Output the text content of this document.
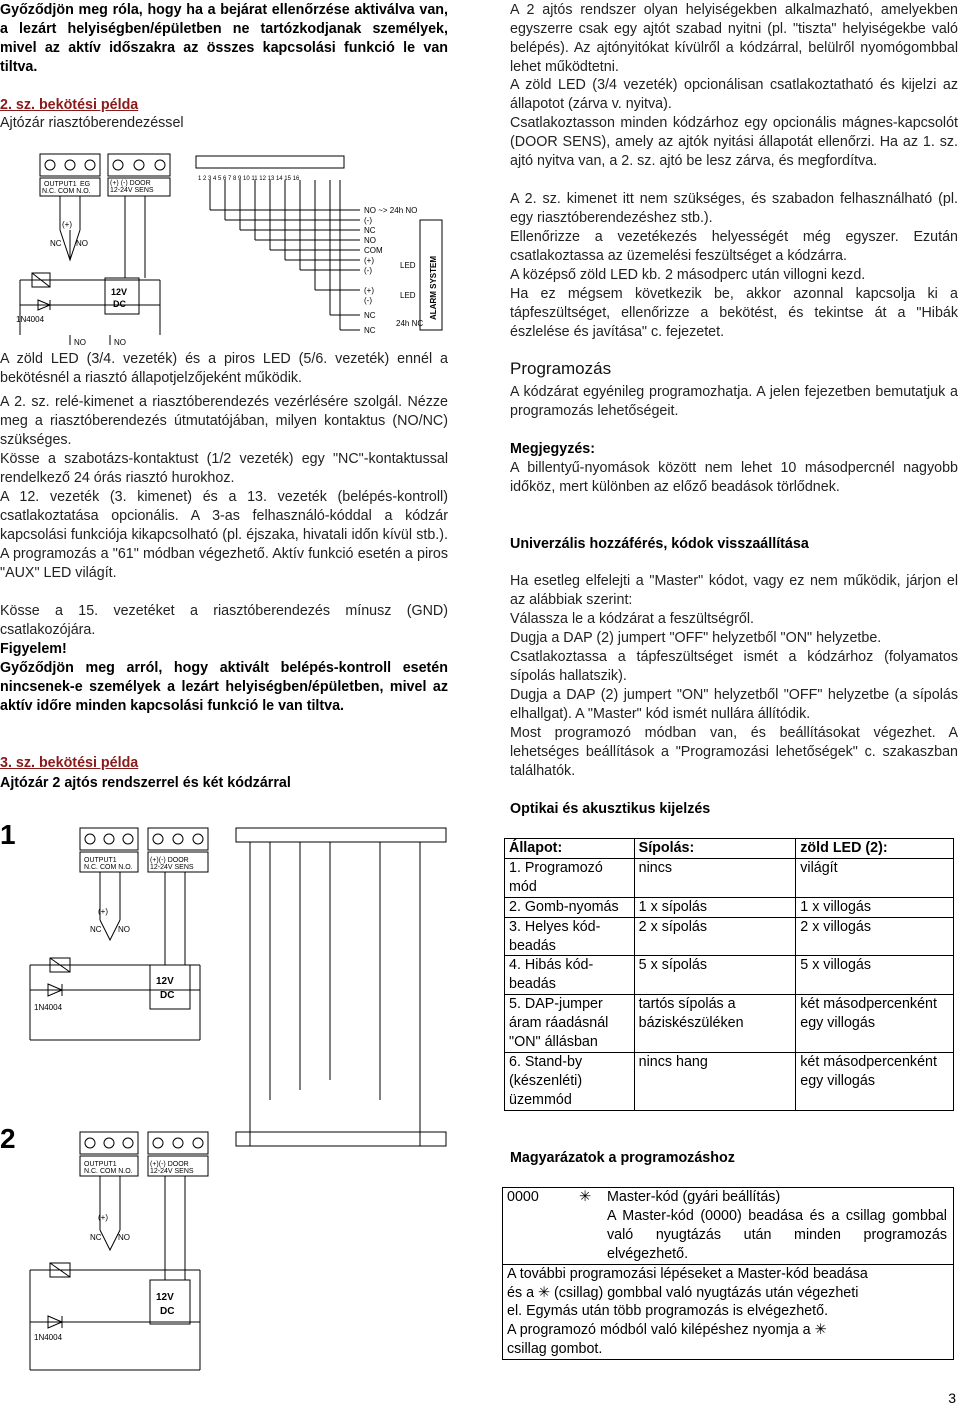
Győződjön meg róla, hogy ha a bejárat ellenőrzése aktiválva van, a lezárt helyiségben/épületben ne tartózkodjanak személyek, mivel az aktív időszakra az összes kapcsolási funkció le van tiltva.

2. sz. bekötési példa

Ajtózár riasztóberendezéssel

OUTPUT1 EG
N.C. COM N.O.
(+) (-) DOOR
12-24V SENS
1 2 3 4 5 6 7 8 9 10 11 12 13 14 15 16
NO ~> 24h NO
(-)
NC
NO
COM
(+)
(-)
LED
(+)
(-)
LED
NC
NC
24h NC
ALARM SYSTEM
(+)
NC NO
12V
DC
1N4004
NO	NO

A zöld LED (3/4. vezeték) és a piros LED (5/6. vezeték) ennél a bekötésnél a riasztó állapotjelzőjeként működik.

A 2. sz. relé-kimenet a riasztóberendezés vezérlésére szolgál. Nézze meg a riasztóberendezés útmutatójában, milyen kontaktus (NO/NC) szükséges.

Kösse a szabotázs-kontaktust (1/2 vezeték) egy "NC"-kontaktussal rendelkező 24 órás riasztó hurokhoz.

A 12. vezeték (3. kimenet) és a 13. vezeték (belépés-kontroll) csatlakoztatása opcionális. A 3-as felhasználó-kóddal a kódzár kapcsolási funkciója kikapcsolható (pl. éjszaka, hivatali időn kívül stb.). A programozás a "61" módban végezhető. Aktív funkció esetén a piros "AUX" LED világít.

Kösse a 15. vezetéket a riasztóberendezés mínusz (GND) csatlakozójára.

Figyelem!

Győződjön meg arról, hogy aktivált belépés-kontroll esetén nincsenek-e személyek a lezárt helyiségben/épületben, mivel az aktív időre minden kapcsolási funkció le van tiltva.

3. sz. bekötési példa

Ajtózár 2 ajtós rendszerrel és két kódzárral

1
2
OUTPUT1
N.C. COM N.O.
(+)(-) DOOR
12-24V SENS
OUTPUT1
N.C. COM N.O.
(+)(-) DOOR
12-24V SENS
(+)
NC NO
12V
DC
1N4004
12V
DC
1N4004
(+)
NC NO

A 2 ajtós rendszer olyan helyiségekben alkalmazható, amelyekben egyszerre csak egy ajtót szabad nyitni (pl. "tiszta" helyiségekbe való belépés). Az ajtónyitókat kívülről a kódzárral, belülről nyomógombbal lehet működtetni.

A zöld LED (3/4 vezeték) opcionálisan csatlakoztatható és kijelzi az állapotot (zárva v. nyitva).

Csatlakoztasson minden kódzárhoz egy opcionális mágnes-kapcsolót (DOOR SENS), amely az ajtók nyitási állapotát ellenőrzi. Ha az 1. sz. ajtó nyitva van, a 2. sz. ajtó be lesz zárva, és megfordítva.

A 2. sz. kimenet itt nem szükséges, és szabadon felhasználható (pl. egy riasztóberendezéshez stb.).

Ellenőrizze a vezetékezés helyességét még egyszer. Ezután csatlakoztassa az üzemelési feszültséget a kódzárra.

A középső zöld LED kb. 2 másodperc után villogni kezd.

Ha ez mégsem következik be, akkor azonnal kapcsolja ki a tápfeszültséget, ellenőrizze a bekötést, és tekintse át a "Hibák észlelése és javítása" c. fejezetet.

Programozás

A kódzárat egyénileg programozhatja. A jelen fejezetben bemutatjuk a programozás lehetőségeit.

Megjegyzés:

A billentyű-nyomások között nem lehet 10 másodpercnél nagyobb időköz, mert különben az előző beadások törlődnek.

Univerzális hozzáférés, kódok visszaállítása

Ha esetleg elfelejti a "Master" kódot, vagy ez nem működik, járjon el az alábbiak szerint:

Válassza le a kódzárat a feszültségről.

Dugja a DAP (2) jumpert "OFF" helyzetből "ON" helyzetbe.

Csatlakoztassa a tápfeszültséget ismét a kódzárhoz (folyamatos sípolás hallatszik).

Dugja a DAP (2) jumpert "ON" helyzetből "OFF" helyzetbe (a sípolás elhallgat). A "Master" kód ismét nullára állítódik.

Most programozó módban van, és beállításokat végezhet. A lehetséges beállítások a "Programozási lehetőségek" c. szakaszban találhatók.

Optikai és akusztikus kijelzés

Állapot:	Sípolás:	zöld LED (2):
1. Programozó mód	nincs	világít
2. Gomb-nyomás	1 x sípolás	1 x villogás
3. Helyes kód-beadás	2 x sípolás	2 x villogás
4. Hibás kód-beadás	5 x sípolás	5 x villogás
5. DAP-jumper áram ráadásnál "ON" állásban	tartós sípolás a báziskészüléken	két másodpercenként egy villogás
6. Stand-by (készenléti) üzemmód	nincs hang	két másodpercenként egy villogás

Magyarázatok a programozáshoz

0000	✳	Master-kód (gyári beállítás)
A Master-kód (0000) beadása és a csillag gombbal való nyugtázás után minden programozás elvégezhető.
A további programozási lépéseket a Master-kód beadása
és a ✳ (csillag) gombbal való nyugtázás után végezheti
el. Egymás után több programozás is elvégezhető.
A programozó módból való kilépéshez nyomja a ✳
csillag gombot.
3
